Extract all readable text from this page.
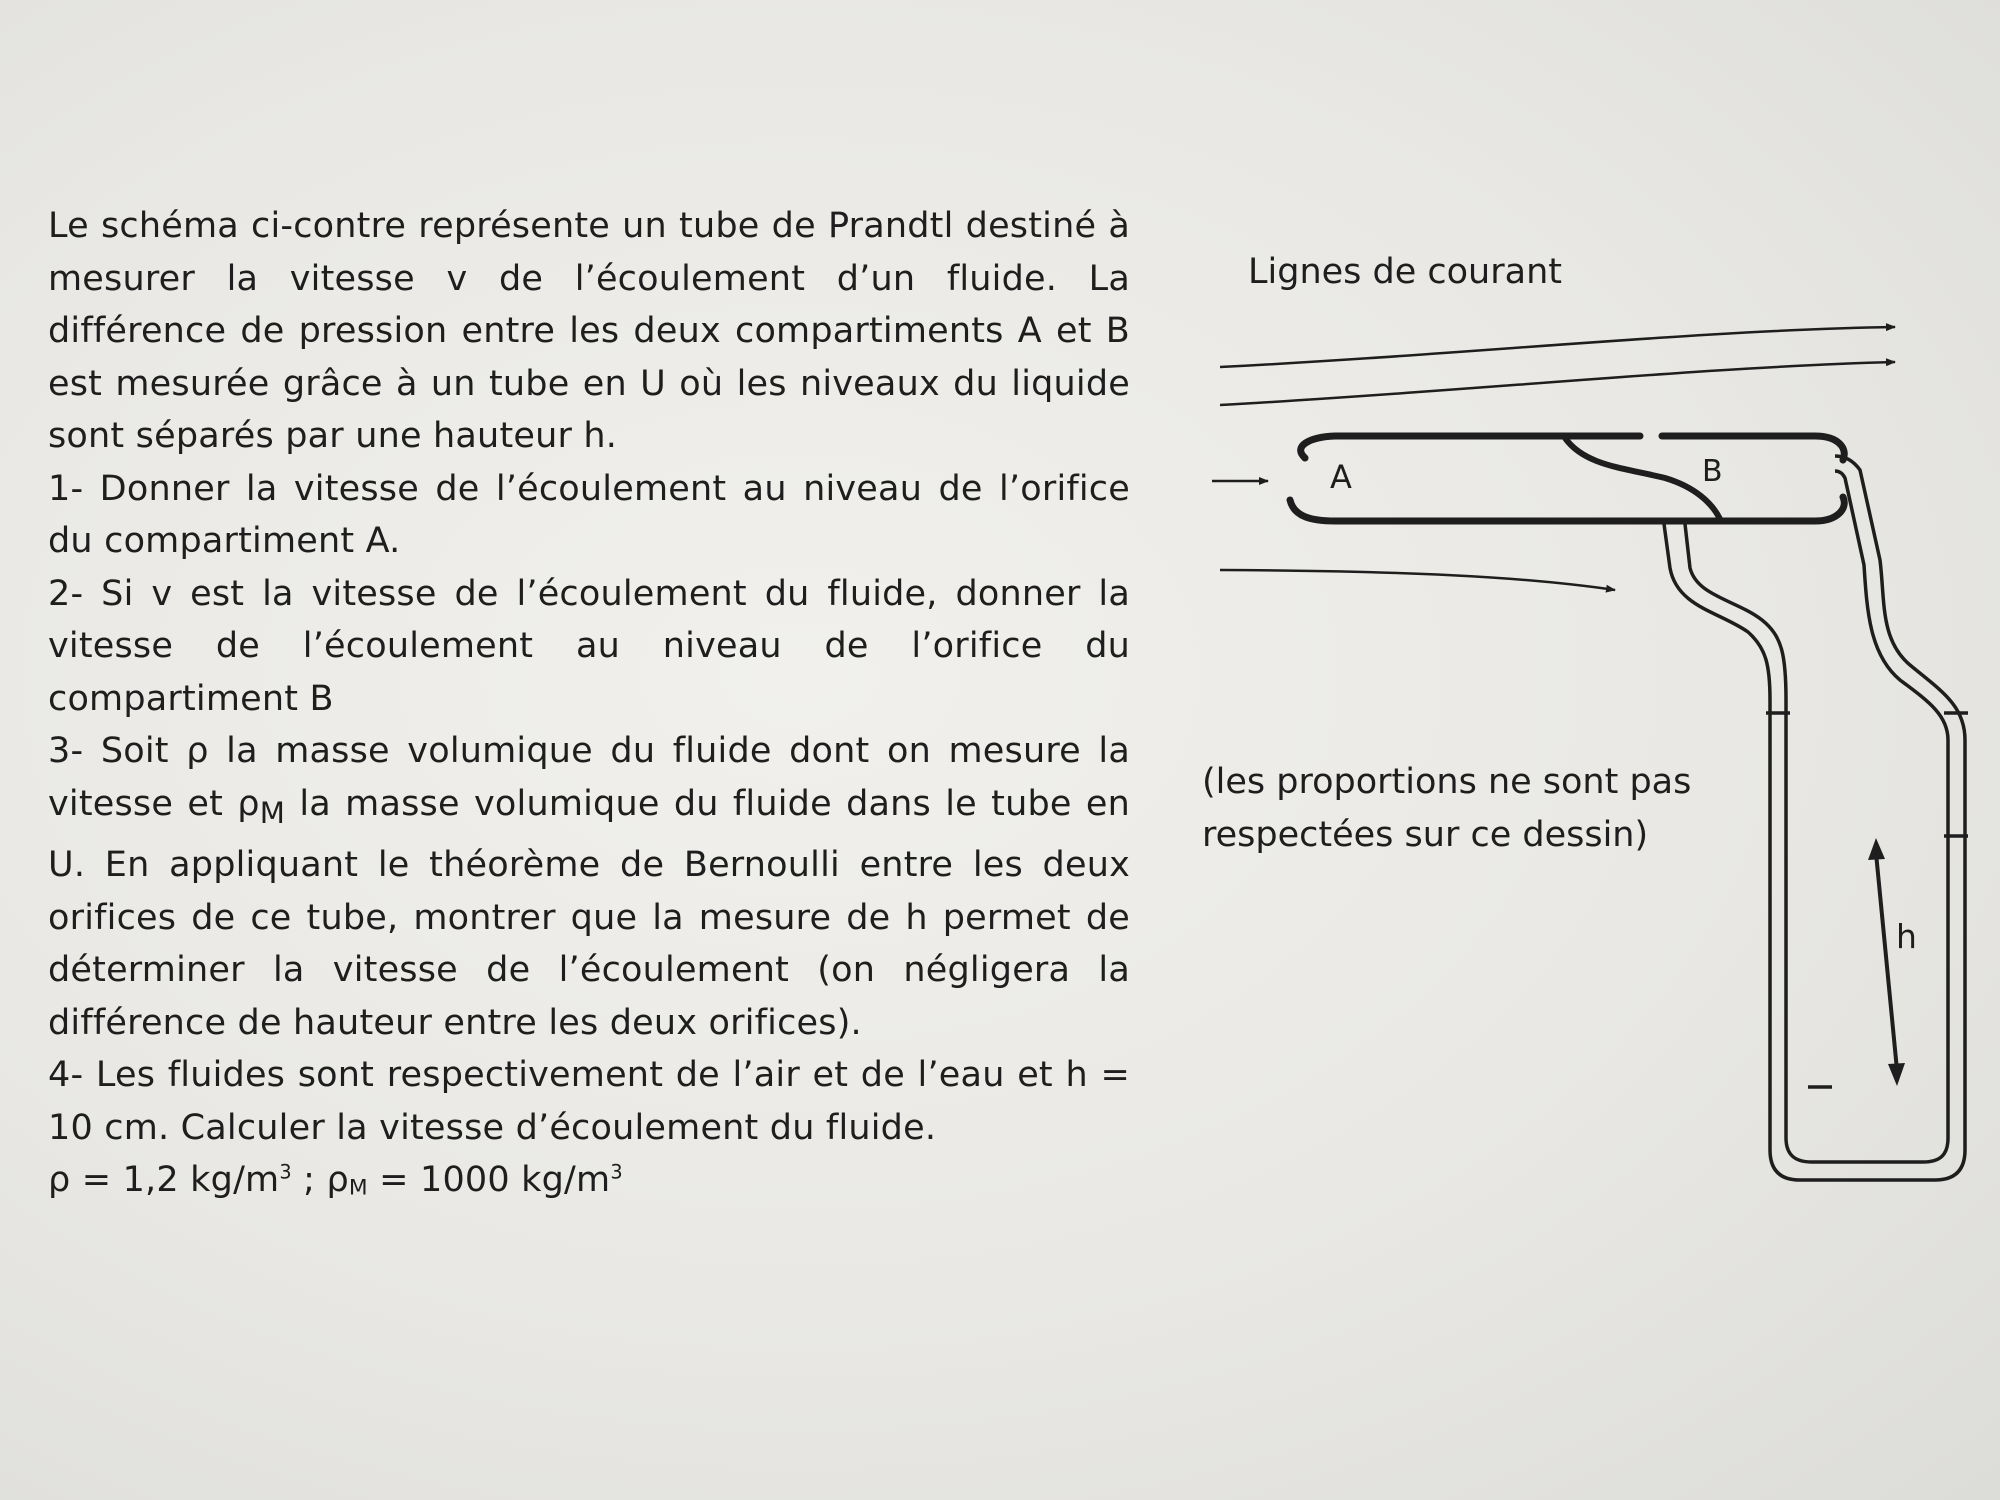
Le schéma ci-contre représente un tube de Prandtl destiné à mesurer la vitesse v de l’écoulement d’un fluide. La différence de pression entre les deux compartiments A et B est mesurée grâce à un tube en U où les niveaux du liquide sont séparés par une hauteur h.

1- Donner la vitesse de l’écoulement au niveau de l’orifice du compartiment A.

2- Si v est la vitesse de l’écoulement du fluide, donner la vitesse de l’écoulement au niveau de l’orifice du compartiment B

3- Soit ρ la masse volumique du fluide dont on mesure la vitesse et $\rho_M$ la masse volumique du fluide dans le tube en U. En appliquant le théorème de Bernoulli entre les deux orifices de ce tube, montrer que la mesure de h permet de déterminer la vitesse de l’écoulement (on négligera la différence de hauteur entre les deux orifices).

4- Les fluides sont respectivement de l’air et de l’eau et h = 10 cm. Calculer la vitesse d’écoulement du fluide.

ρ = 1,2 $kg/m^3$ ; $\rho_M = 1000$ $kg/m^3$

Lignes de courant
A	B
h
(les proportions ne sont pas
respectées sur ce dessin)
